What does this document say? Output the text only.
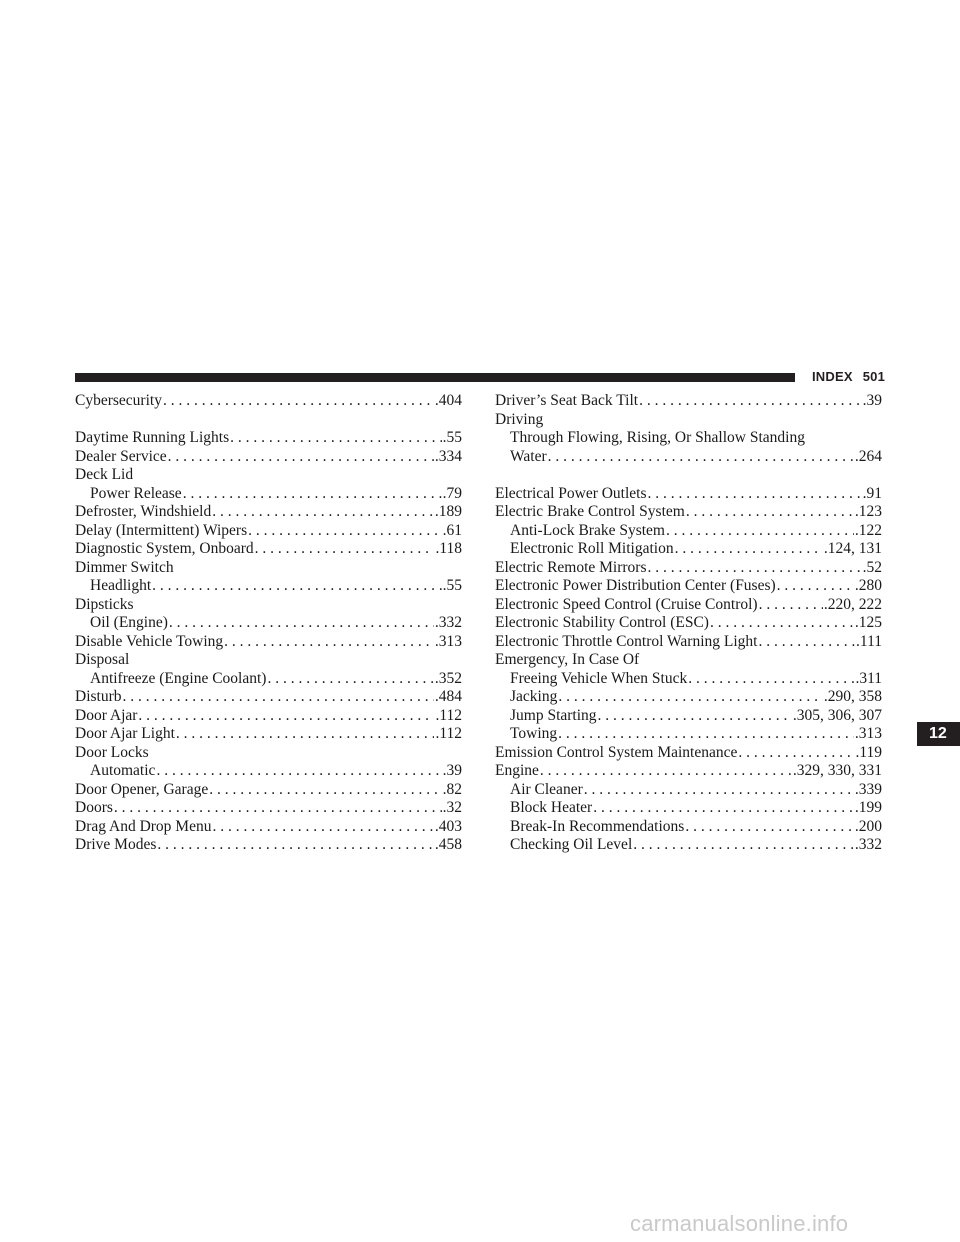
INDEX 501
Cybersecurity . . .	.404
Daytime Running Lights . . .	.55
Dealer Service . . .	.334
Deck Lid
Power Release . . .	.79
Defroster, Windshield . . .	.189
Delay (Intermittent) Wipers . . .	.61
Diagnostic System, Onboard . . .	.118
Dimmer Switch
Headlight . . .	.55
Dipsticks
Oil (Engine) . . .	.332
Disable Vehicle Towing . . .	.313
Disposal
Antifreeze (Engine Coolant) . . .	.352
Disturb . . .	.484
Door Ajar . . .	.112
Door Ajar Light . . .	.112
Door Locks
Automatic . . .	.39
Door Opener, Garage . . .	.82
Doors . . .	.32
Drag And Drop Menu . . .	.403
Drive Modes . . .	.458
Driver’s Seat Back Tilt . . .	.39
Driving
Through Flowing, Rising, Or Shallow Standing
Water . . .	.264
Electrical Power Outlets . . .	.91
Electric Brake Control System . . .	.123
Anti-Lock Brake System . . .	.122
Electronic Roll Mitigation . . .	.124, 131
Electric Remote Mirrors . . .	.52
Electronic Power Distribution Center (Fuses) . . .	.280
Electronic Speed Control (Cruise Control) . . .	.220, 222
Electronic Stability Control (ESC) . . .	.125
Electronic Throttle Control Warning Light . . .	.111
Emergency, In Case Of
Freeing Vehicle When Stuck . . .	.311
Jacking . . .	.290, 358
Jump Starting . . .	.305, 306, 307
Towing . . .	.313
Emission Control System Maintenance . . .	.119
Engine . . .	.329, 330, 331
Air Cleaner . . .	.339
Block Heater . . .	.199
Break-In Recommendations . . .	.200
Checking Oil Level . . .	.332
12
carmanualsonline.info
